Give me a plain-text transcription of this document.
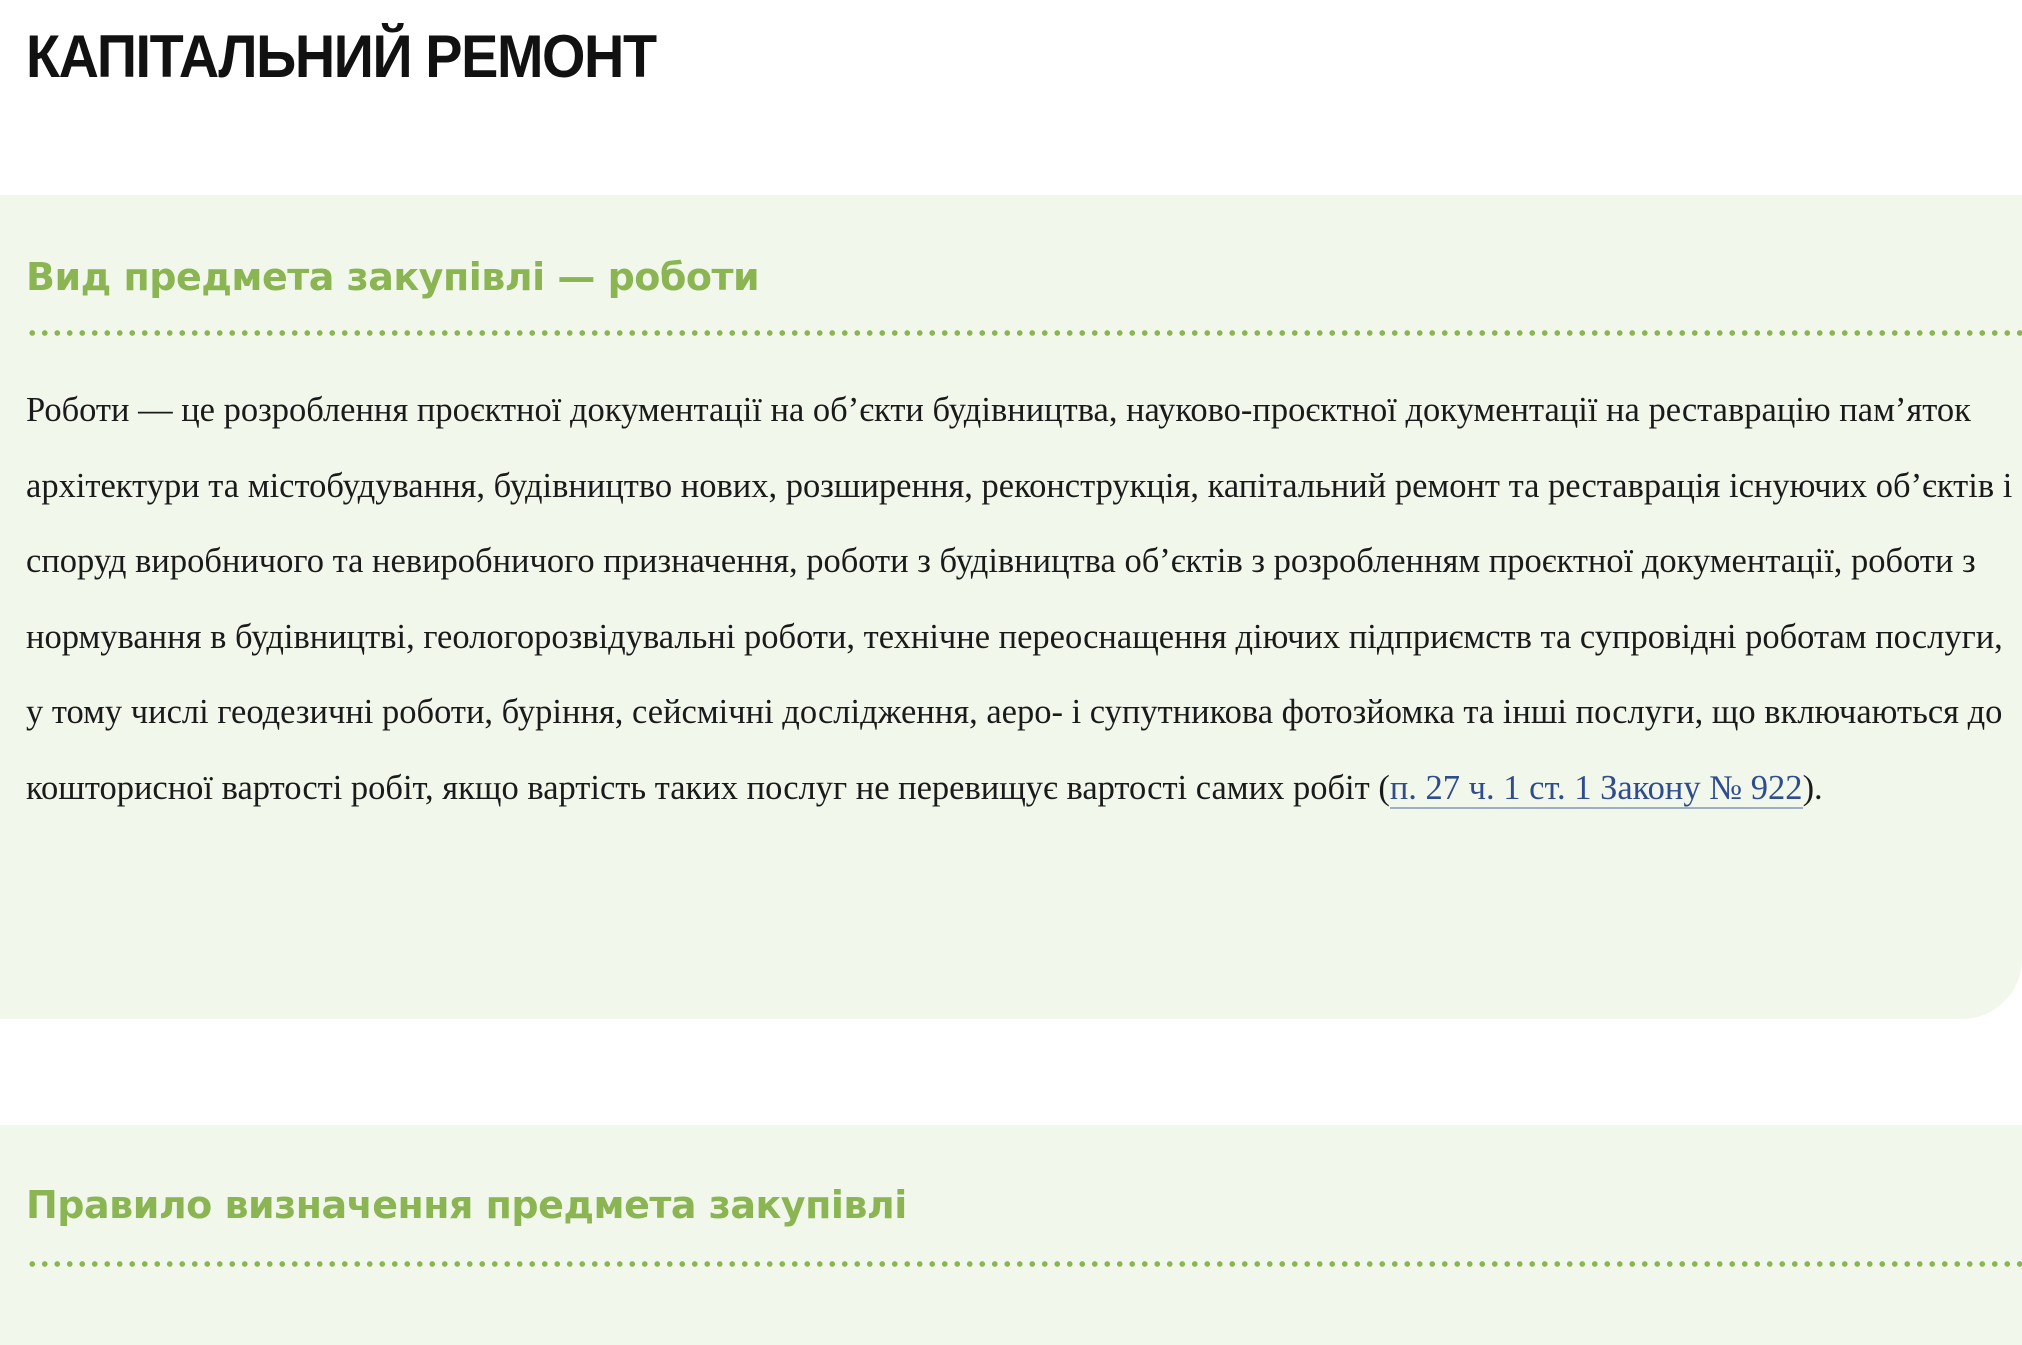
КАПІТАЛЬНИЙ РЕМОНТ
Вид предмета закупівлі — роботи

Роботи — це розроблення проєктної документації на об’єкти будівництва, науково-проєктної документації на реставрацію пам’яток архітектури та містобудування, будівництво нових, розширення, реконструкція, капітальний ремонт та реставрація існуючих об’єктів і споруд виробничого та невиробничого призначення, роботи з будівництва об’єктів з розробленням проєктної документації, роботи з нормування в будівництві, геологорозвідувальні роботи, технічне переоснащення діючих підприємств та супровідні роботам послуги, у тому числі геодезичні роботи, буріння, сейсмічні дослідження, аеро- і супутникова фотозйомка та інші послуги, що включаються до кошторисної вартості робіт, якщо вартість таких послуг не перевищує вартості самих робіт (п. 27 ч. 1 ст. 1 Закону № 922).

Правило визначення предмета закупівлі
